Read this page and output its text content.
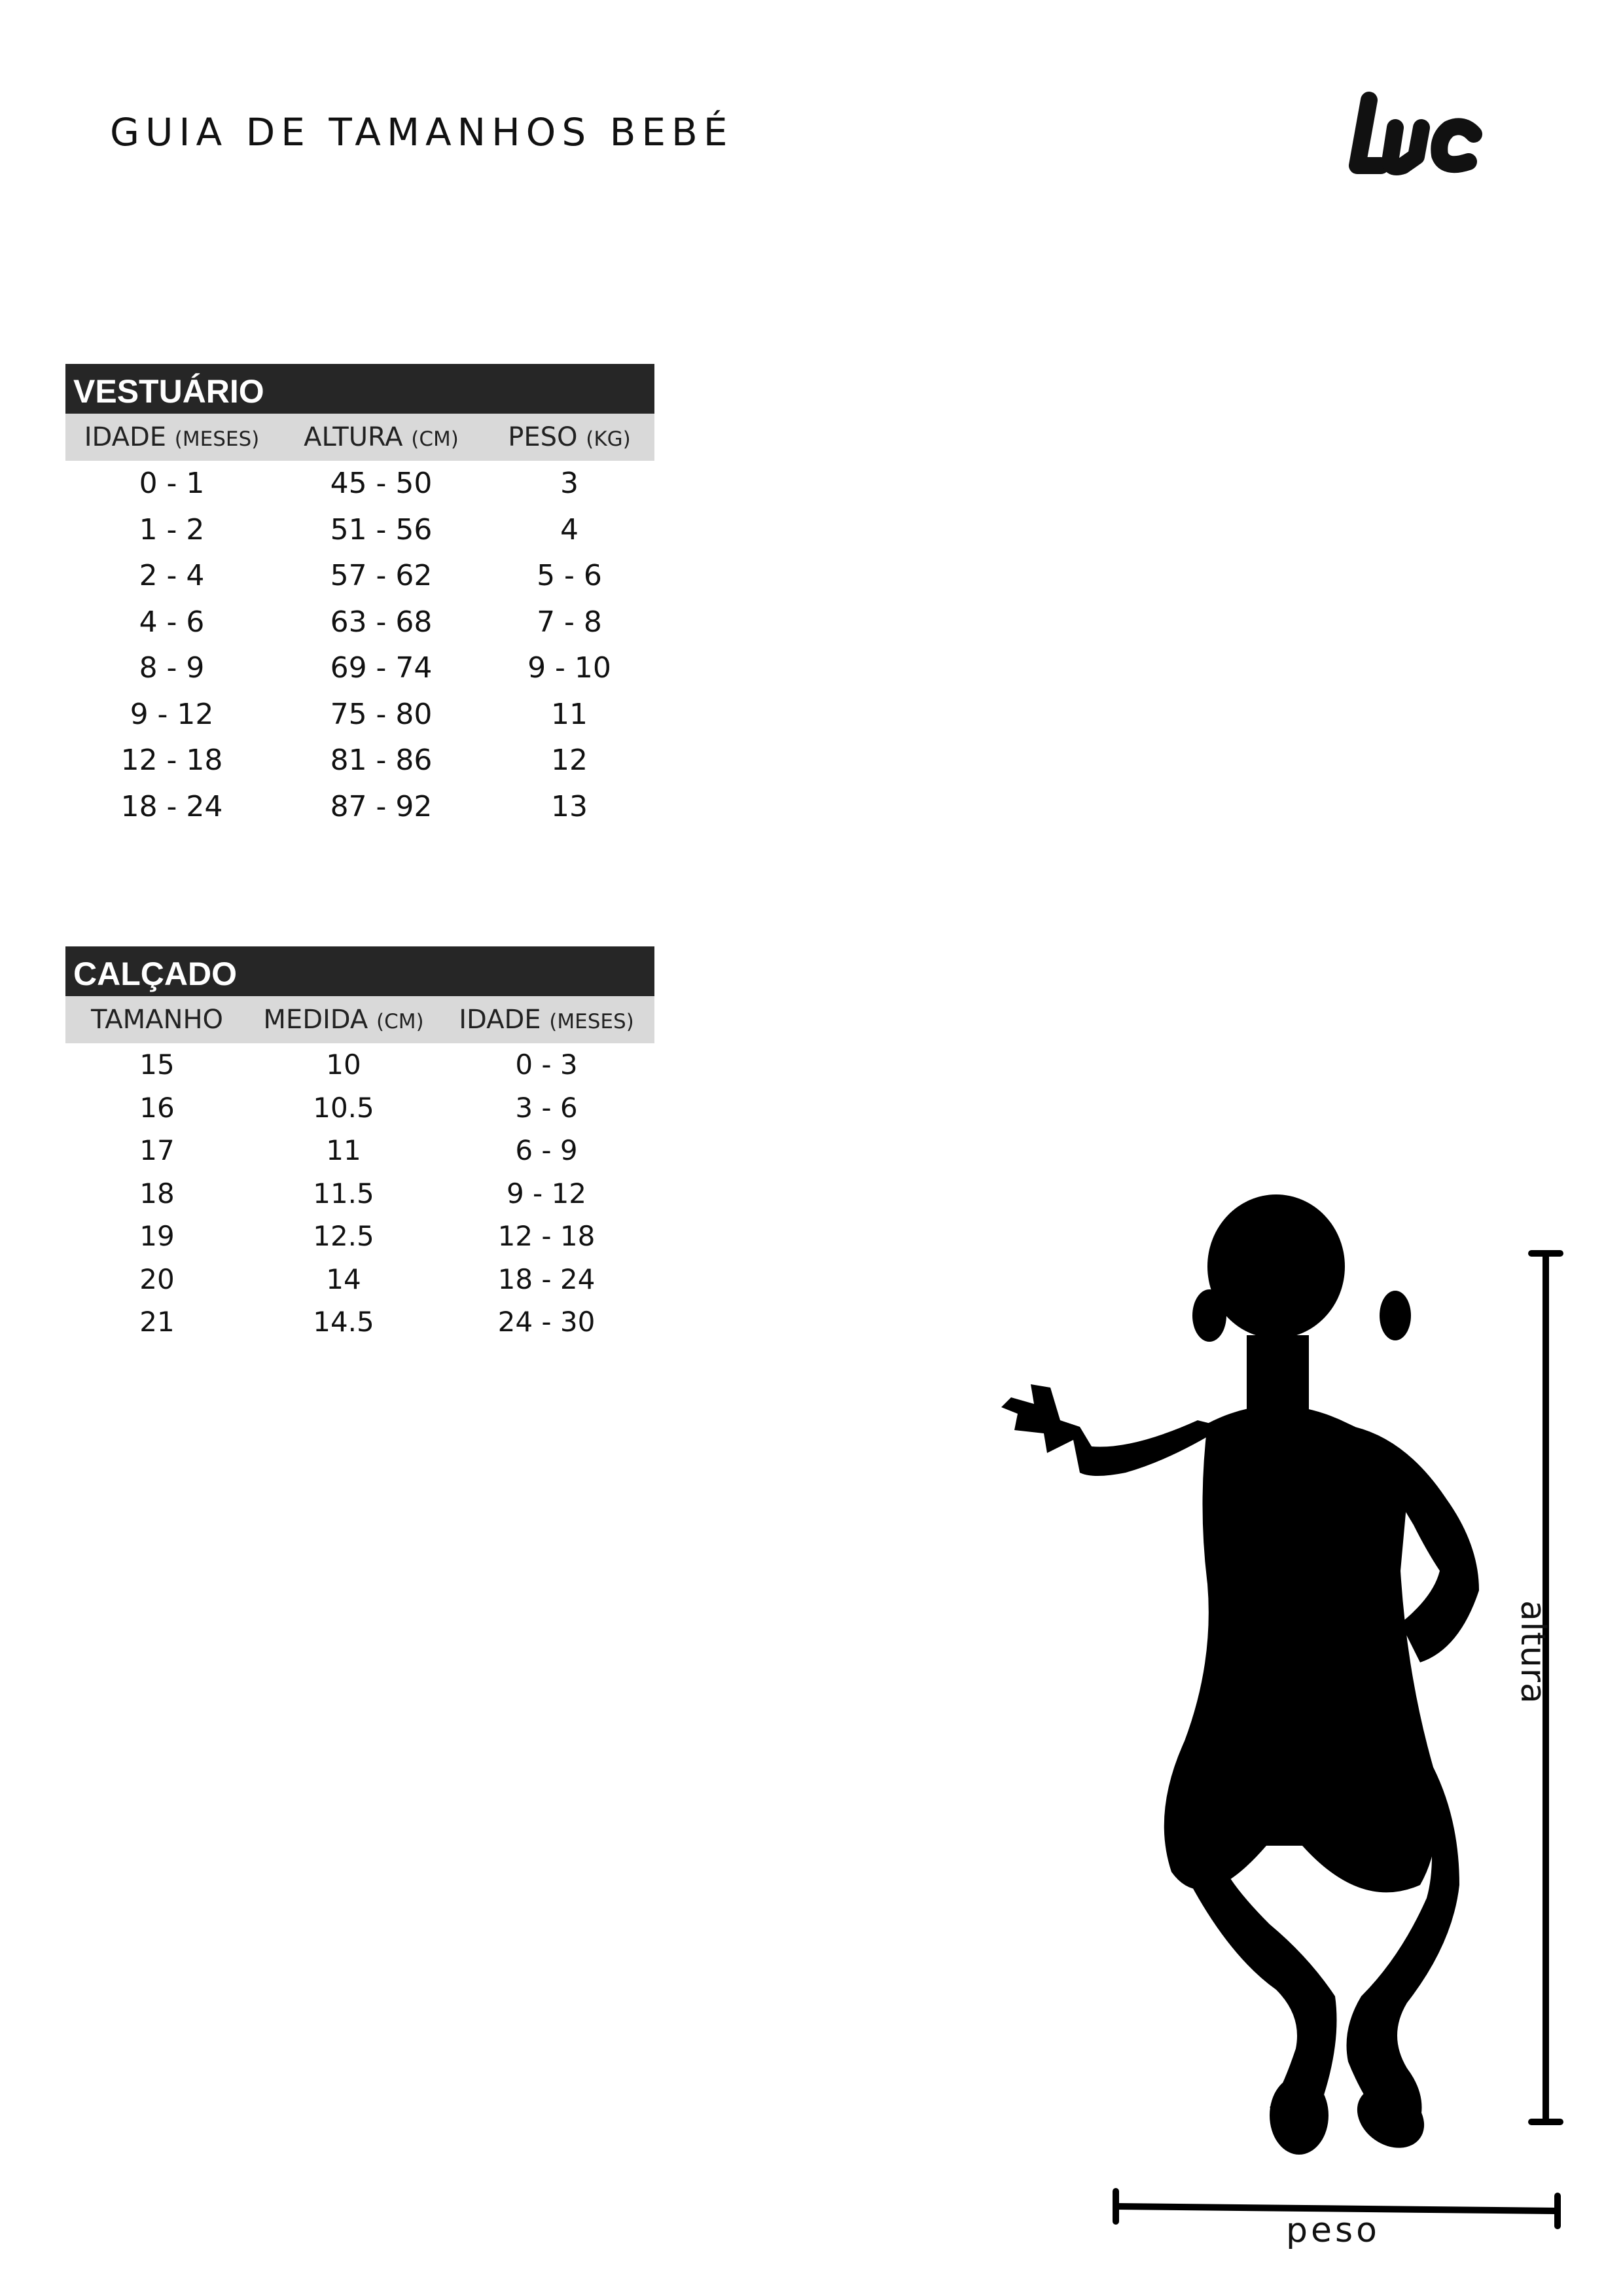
GUIA DE TAMANHOS BEBÉ
VESTUÁRIO
IDADE (MESES)	ALTURA (CM)	PESO (KG)
0 - 1	45 - 50	3
1 - 2	51 - 56	4
2 - 4	57 - 62	5 - 6
4 - 6	63 - 68	7 - 8
8 - 9	69 - 74	9 - 10
9 - 12	75 - 80	11
12 - 18	81 - 86	12
18 - 24	87 - 92	13
CALÇADO
TAMANHO	MEDIDA (CM)	IDADE (MESES)
15	10	0 - 3
16	10.5	3 - 6
17	11	6 - 9
18	11.5	9 - 12
19	12.5	12 - 18
20	14	18 - 24
21	14.5	24 - 30
altura
peso
